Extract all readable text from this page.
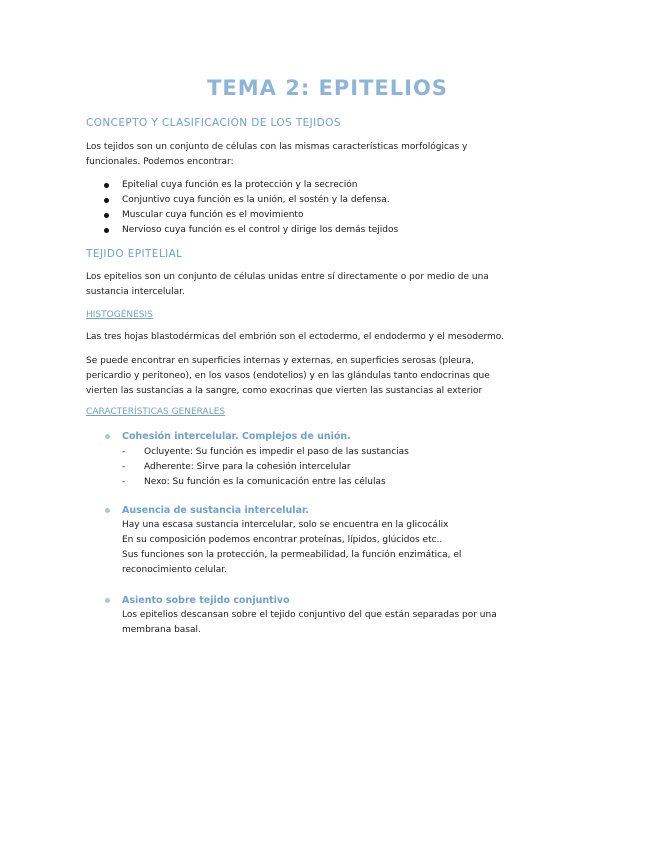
TEMA 2: EPITELIOS
CONCEPTO Y CLASIFICACIÓN DE LOS TEJIDOS
Los tejidos son un conjunto de células con las mismas características morfológicas y
funcionales. Podemos encontrar:
Epitelial cuya función es la protección y la secreción
Conjuntivo cuya función es la unión, el sostén y la defensa.
Muscular cuya función es el movimiento
Nervioso cuya función es el control y dirige los demás tejidos
TEJIDO EPITELIAL
Los epitelios son un conjunto de células unidas entre sí directamente o por medio de una
sustancia intercelular.
HISTOGÉNESIS
Las tres hojas blastodérmicas del embrión son el ectodermo, el endodermo y el mesodermo.
Se puede encontrar en superficies internas y externas, en superficies serosas (pleura,
pericardio y peritoneo), en los vasos (endotelios) y en las glándulas tanto endocrinas que
vierten las sustancias a la sangre, como exocrinas que vierten las sustancias al exterior
CARACTERÍSTICAS GENERALES
Cohesión intercelular. Complejos de unión.
- Ocluyente: Su función es impedir el paso de las sustancias
- Adherente: Sirve para la cohesión intercelular
- Nexo: Su función es la comunicación entre las células
Ausencia de sustancia intercelular.
Hay una escasa sustancia intercelular, solo se encuentra en la glicocálix
En su composición podemos encontrar proteínas, lípidos, glúcidos etc..
Sus funciones son la protección, la permeabilidad, la función enzimática, el
reconocimiento celular.
Asiento sobre tejido conjuntivo
Los epitelios descansan sobre el tejido conjuntivo del que están separadas por una
membrana basal.
